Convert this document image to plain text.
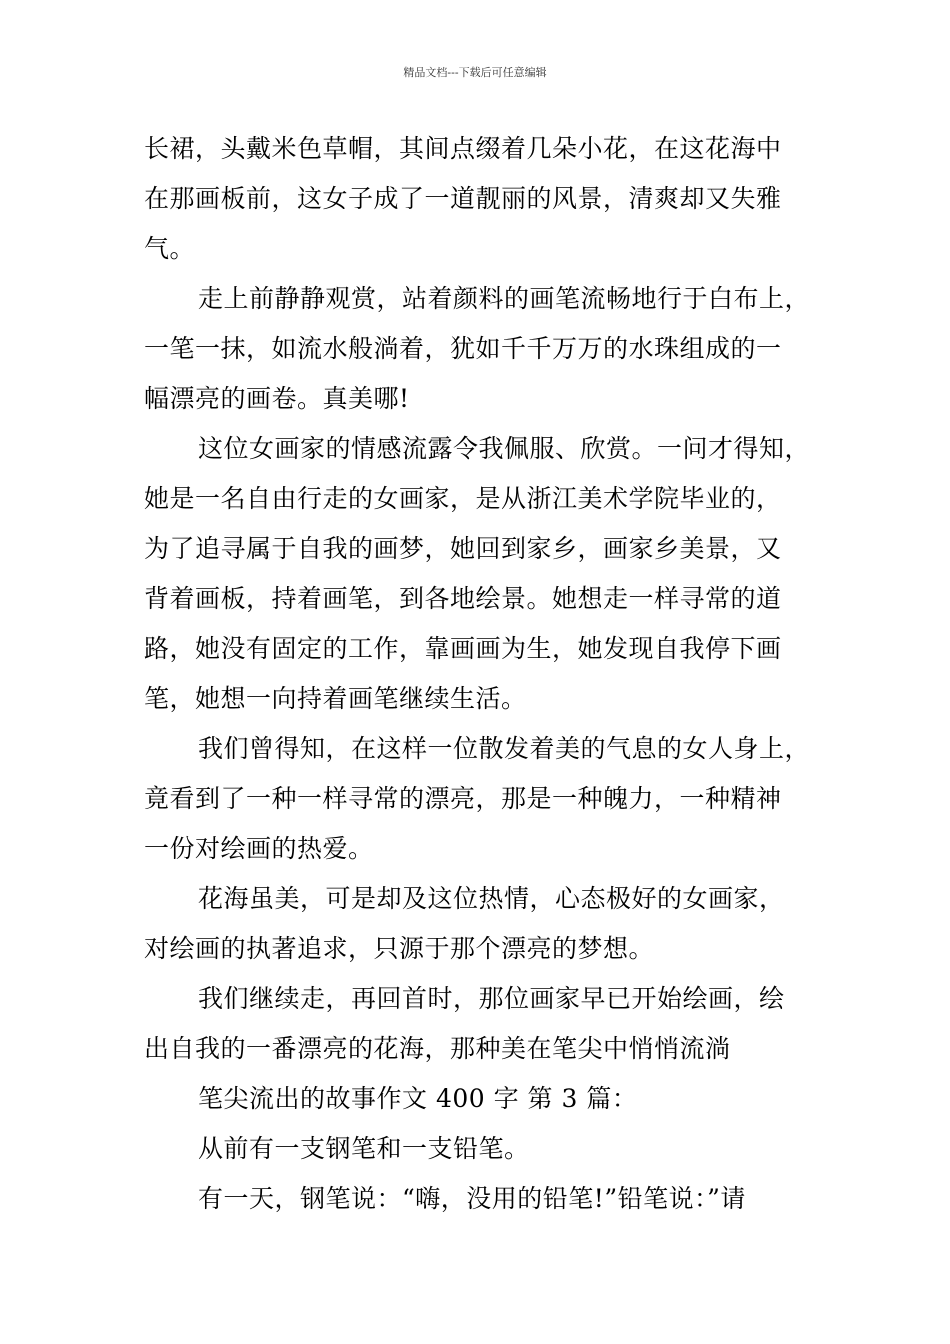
精品文档---下载后可任意编辑
长裙，头戴米色草帽，其间点缀着几朵小花，在这花海中
在那画板前，这女子成了一道靓丽的风景，清爽却又失雅
气。
走上前静静观赏，站着颜料的画笔流畅地行于白布上，
一笔一抹，如流水般淌着，犹如千千万万的水珠组成的一
幅漂亮的画卷。真美哪!
这位女画家的情感流露令我佩服、欣赏。一问才得知，
她是一名自由行走的女画家，是从浙江美术学院毕业的，
为了追寻属于自我的画梦，她回到家乡，画家乡美景，又
背着画板，持着画笔，到各地绘景。她想走一样寻常的道
路，她没有固定的工作，靠画画为生，她发现自我停下画
笔，她想一向持着画笔继续生活。
我们曾得知，在这样一位散发着美的气息的女人身上，
竟看到了一种一样寻常的漂亮，那是一种魄力，一种精神
一份对绘画的热爱。
花海虽美，可是却及这位热情，心态极好的女画家，
对绘画的执著追求，只源于那个漂亮的梦想。
我们继续走，再回首时，那位画家早已开始绘画，绘
出自我的一番漂亮的花海，那种美在笔尖中悄悄流淌
笔尖流出的故事作文 400 字 第 3 篇：
从前有一支钢笔和一支铅笔。
有一天，钢笔说：“嗨，没用的铅笔!”铅笔说：”请
